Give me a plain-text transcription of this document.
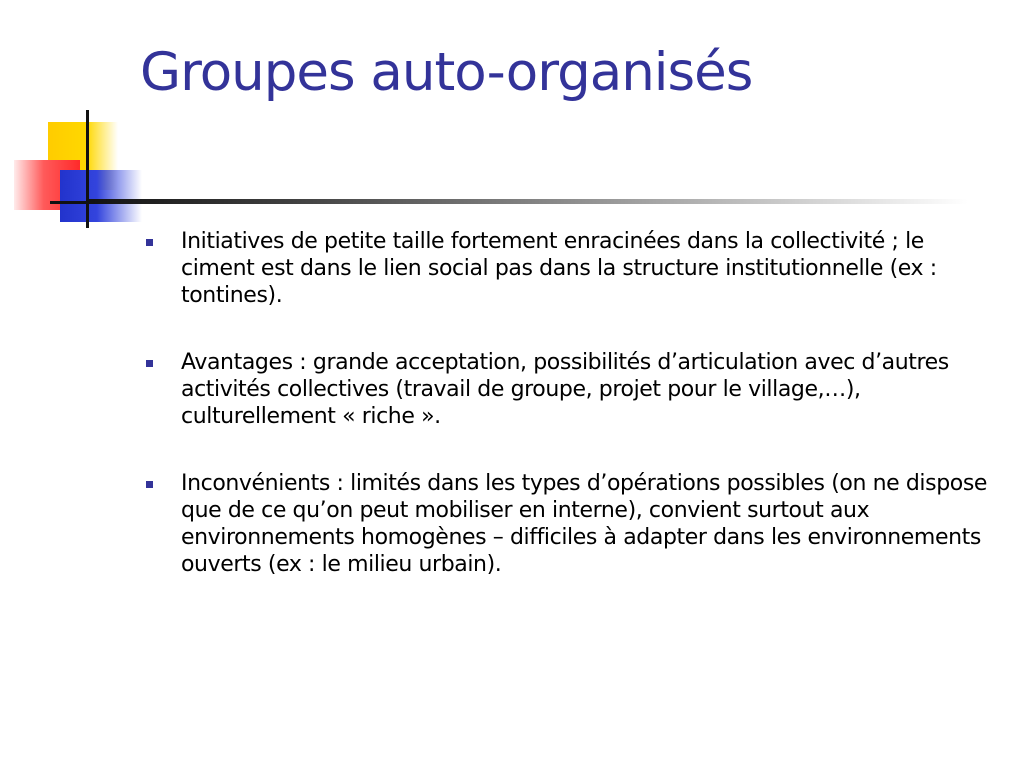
Groupes auto-organisés
Initiatives de petite taille fortement enracinées dans la collectivité ; le ciment est dans le lien social pas dans la structure institutionnelle (ex : tontines).
Avantages : grande acceptation, possibilités d’articulation avec d’autres activités collectives (travail de groupe, projet pour le village,…), culturellement « riche ».
Inconvénients : limités dans les types d’opérations possibles (on ne dispose que de ce qu’on peut mobiliser en interne), convient surtout aux environnements homogènes – difficiles à adapter dans les environnements ouverts (ex : le milieu urbain).
